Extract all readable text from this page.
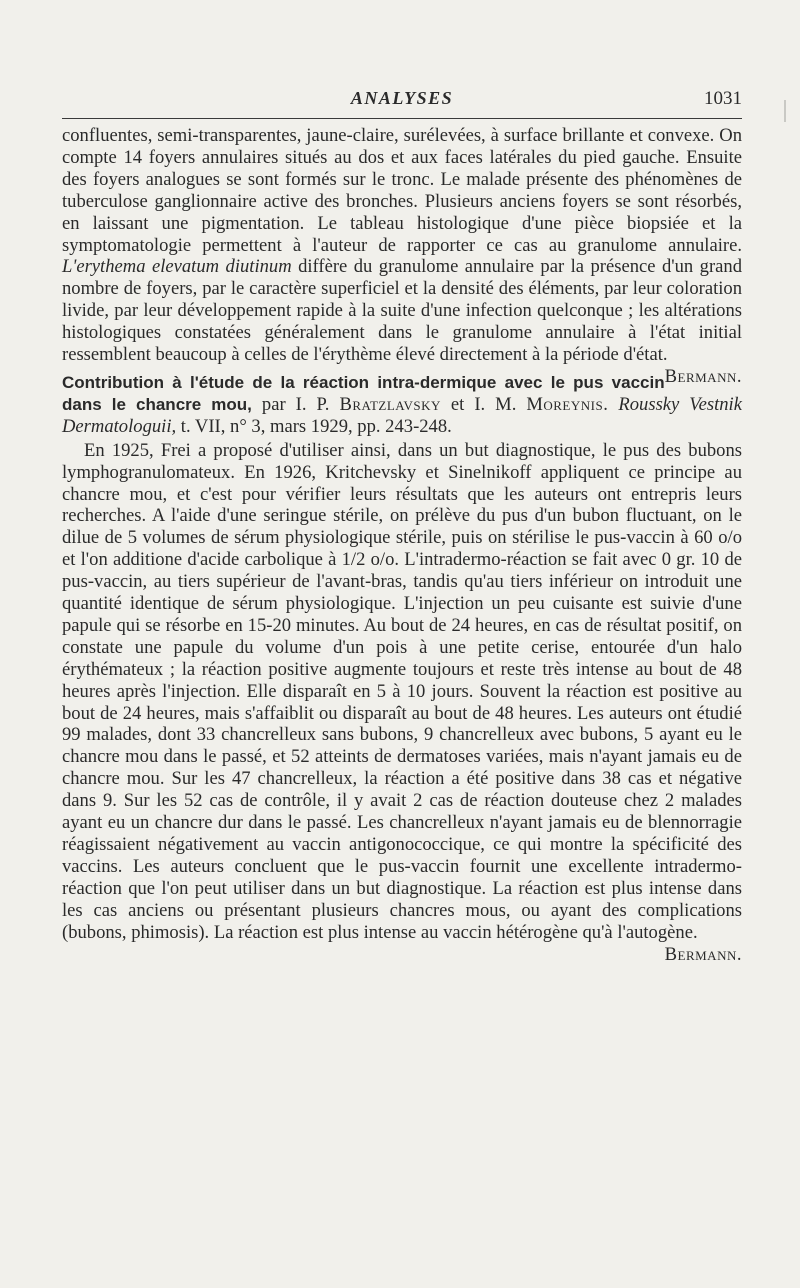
ANALYSES	1031

confluentes, semi-transparentes, jaune-claire, surélevées, à surface brillante et convexe. On compte 14 foyers annulaires situés au dos et aux faces latérales du pied gauche. Ensuite des foyers analogues se sont formés sur le tronc. Le malade présente des phénomènes de tuberculose ganglionnaire active des bronches. Plusieurs anciens foyers se sont résorbés, en laissant une pigmentation. Le tableau histologique d'une pièce biopsiée et la symptomatologie permettent à l'auteur de rapporter ce cas au granulome annulaire. L'erythema elevatum diutinum diffère du granulome annulaire par la présence d'un grand nombre de foyers, par le caractère superficiel et la densité des éléments, par leur coloration livide, par leur développement rapide à la suite d'une infection quelconque ; les altérations histologiques constatées généralement dans le granulome annulaire à l'état initial ressemblent beaucoup à celles de l'érythème élevé directement à la période d'état.
Bermann.

Contribution à l'étude de la réaction intra-dermique avec le pus vaccin dans le chancre mou, par I. P. Bratzlavsky et I. M. Moreynis. Roussky Vestnik Dermatologuii, t. VII, n° 3, mars 1929, pp. 243-248.

En 1925, Frei a proposé d'utiliser ainsi, dans un but diagnostique, le pus des bubons lymphogranulomateux. En 1926, Kritchevsky et Sinelnikoff appliquent ce principe au chancre mou, et c'est pour vérifier leurs résultats que les auteurs ont entrepris leurs recherches. A l'aide d'une seringue stérile, on prélève du pus d'un bubon fluctuant, on le dilue de 5 volumes de sérum physiologique stérile, puis on stérilise le pus-vaccin à 60 o/o et l'on additione d'acide carbolique à 1/2 o/o. L'intradermo-réaction se fait avec 0 gr. 10 de pus-vaccin, au tiers supérieur de l'avant-bras, tandis qu'au tiers inférieur on introduit une quantité identique de sérum physiologique. L'injection un peu cuisante est suivie d'une papule qui se résorbe en 15-20 minutes. Au bout de 24 heures, en cas de résultat positif, on constate une papule du volume d'un pois à une petite cerise, entourée d'un halo érythémateux ; la réaction positive augmente toujours et reste très intense au bout de 48 heures après l'injection. Elle disparaît en 5 à 10 jours. Souvent la réaction est positive au bout de 24 heures, mais s'affaiblit ou disparaît au bout de 48 heures. Les auteurs ont étudié 99 malades, dont 33 chancrelleux sans bubons, 9 chancrelleux avec bubons, 5 ayant eu le chancre mou dans le passé, et 52 atteints de dermatoses variées, mais n'ayant jamais eu de chancre mou. Sur les 47 chancrelleux, la réaction a été positive dans 38 cas et négative dans 9. Sur les 52 cas de contrôle, il y avait 2 cas de réaction douteuse chez 2 malades ayant eu un chancre dur dans le passé. Les chancrelleux n'ayant jamais eu de blennorragie réagissaient négativement au vaccin antigonococcique, ce qui montre la spécificité des vaccins. Les auteurs concluent que le pus-vaccin fournit une excellente intradermo-réaction que l'on peut utiliser dans un but diagnostique. La réaction est plus intense dans les cas anciens ou présentant plusieurs chancres mous, ou ayant des complications (bubons, phimosis). La réaction est plus intense au vaccin hétérogène qu'à l'autogène.
Bermann.
